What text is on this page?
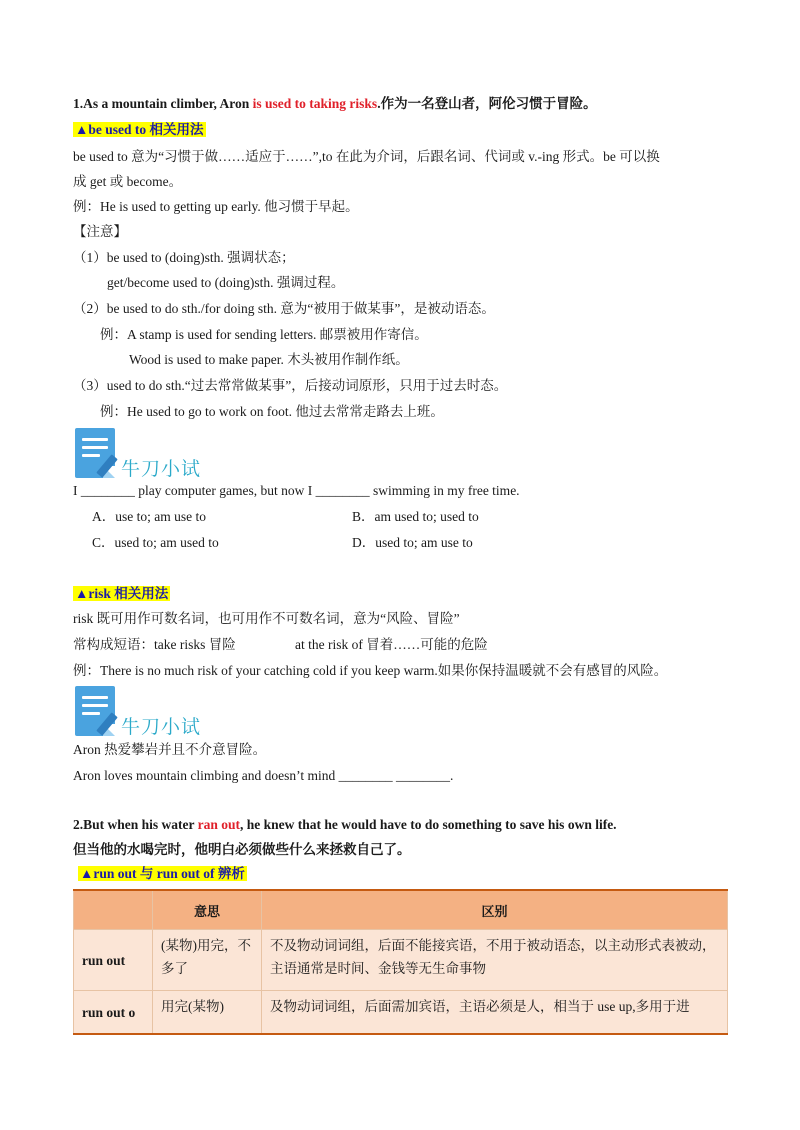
1.As a mountain climber, Aron is used to taking risks.作为一名登山者，阿伦习惯于冒险。
▲be used to 相关用法
be used to 意为“习惯于做……适应于……”,to 在此为介词，后跟名词、代词或 v.-ing 形式。be 可以换
成 get 或 become。
例：He is used to getting up early. 他习惯于早起。
【注意】
（1）be used to (doing)sth. 强调状态；
get/become used to (doing)sth. 强调过程。
（2）be used to do sth./for doing sth. 意为“被用于做某事”，是被动语态。
例：A stamp is used for sending letters. 邮票被用作寄信。
Wood is used to make paper. 木头被用作制作纸。
（3）used to do sth.“过去常常做某事”，后接动词原形，只用于过去时态。
例：He used to go to work on foot. 他过去常常走路去上班。
牛刀小试
I ________ play computer games, but now I ________ swimming in my free time.
A．use to; am use to	B．am used to; used to
C．used to; am used to	D．used to; am use to
▲risk 相关用法
risk 既可用作可数名词，也可用作不可数名词，意为“风险、冒险”
常构成短语：take risks 冒险	at the risk of 冒着……可能的危险
例：There is no much risk of your catching cold if you keep warm.如果你保持温暖就不会有感冒的风险。
牛刀小试
Aron 热爱攀岩并且不介意冒险。
Aron loves mountain climbing and doesn’t mind ________ ________.
2.But when his water ran out, he knew that he would have to do something to save his own life.
但当他的水喝完时，他明白必须做些什么来拯救自己了。
▲run out 与 run out of 辨析
	意思	区别
run out	(某物)用完，不多了	不及物动词词组，后面不能接宾语，不用于被动语态，以主动形式表被动，主语通常是时间、金钱等无生命事物
run out o	用完(某物)	及物动词词组，后面需加宾语，主语必须是人，相当于 use up,多用于进
